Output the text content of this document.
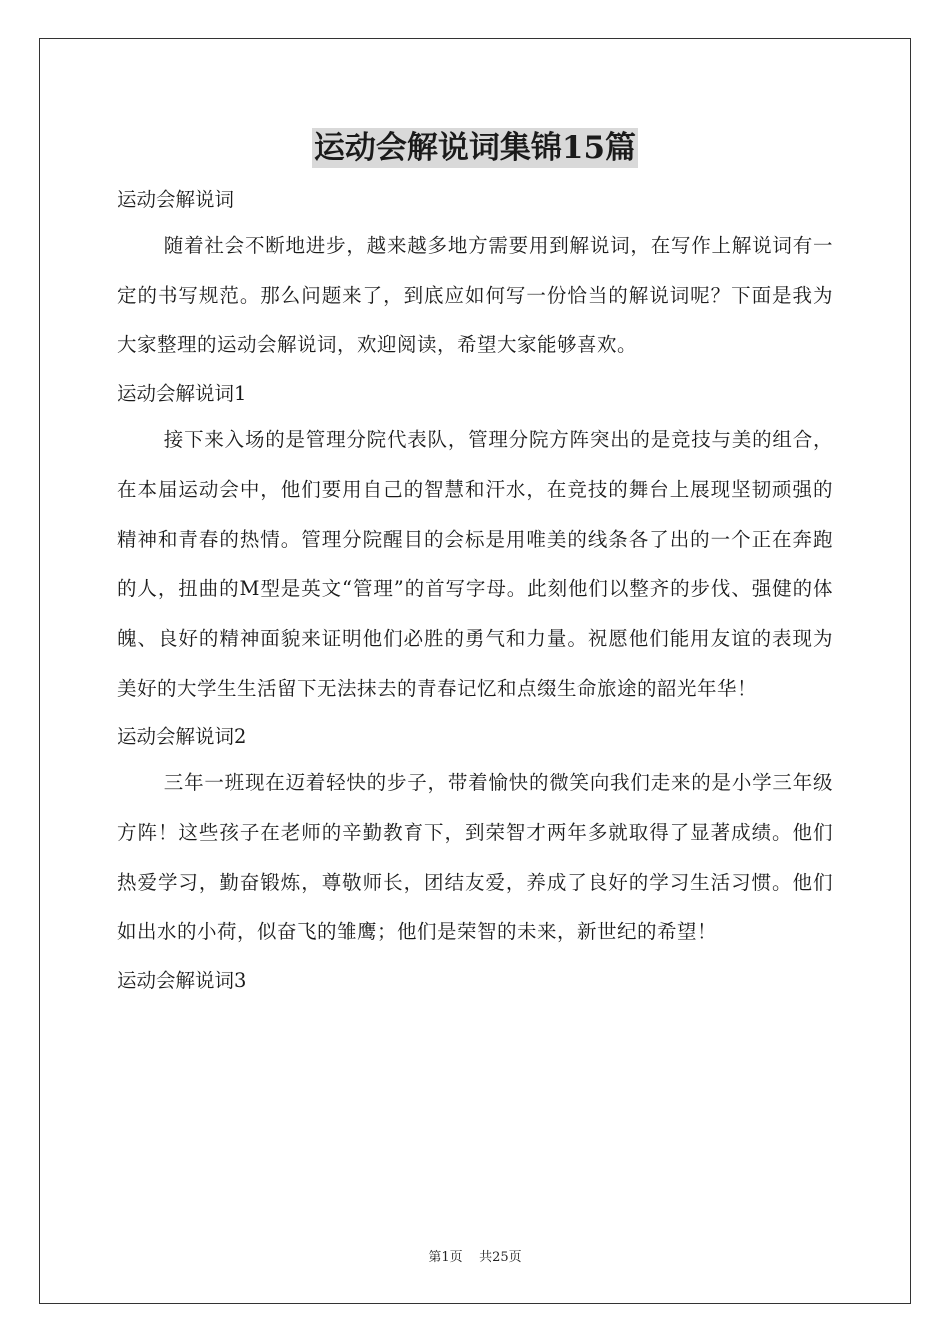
运动会解说词集锦15篇

运动会解说词

随着社会不断地进步，越来越多地方需要用到解说词，在写作上解说词有一定的书写规范。那么问题来了，到底应如何写一份恰当的解说词呢？下面是我为大家整理的运动会解说词，欢迎阅读，希望大家能够喜欢。

运动会解说词1

接下来入场的是管理分院代表队，管理分院方阵突出的是竞技与美的组合，在本届运动会中，他们要用自己的智慧和汗水，在竞技的舞台上展现坚韧顽强的精神和青春的热情。管理分院醒目的会标是用唯美的线条各了出的一个正在奔跑的人，扭曲的M型是英文“管理”的首写字母。此刻他们以整齐的步伐、强健的体魄、良好的精神面貌来证明他们必胜的勇气和力量。祝愿他们能用友谊的表现为美好的大学生生活留下无法抹去的青春记忆和点缀生命旅途的韶光年华！

运动会解说词2

三年一班现在迈着轻快的步子，带着愉快的微笑向我们走来的是小学三年级方阵！这些孩子在老师的辛勤教育下，到荣智才两年多就取得了显著成绩。他们热爱学习，勤奋锻炼，尊敬师长，团结友爱，养成了良好的学习生活习惯。他们如出水的小荷，似奋飞的雏鹰；他们是荣智的未来，新世纪的希望！

运动会解说词3

第1页 共25页
